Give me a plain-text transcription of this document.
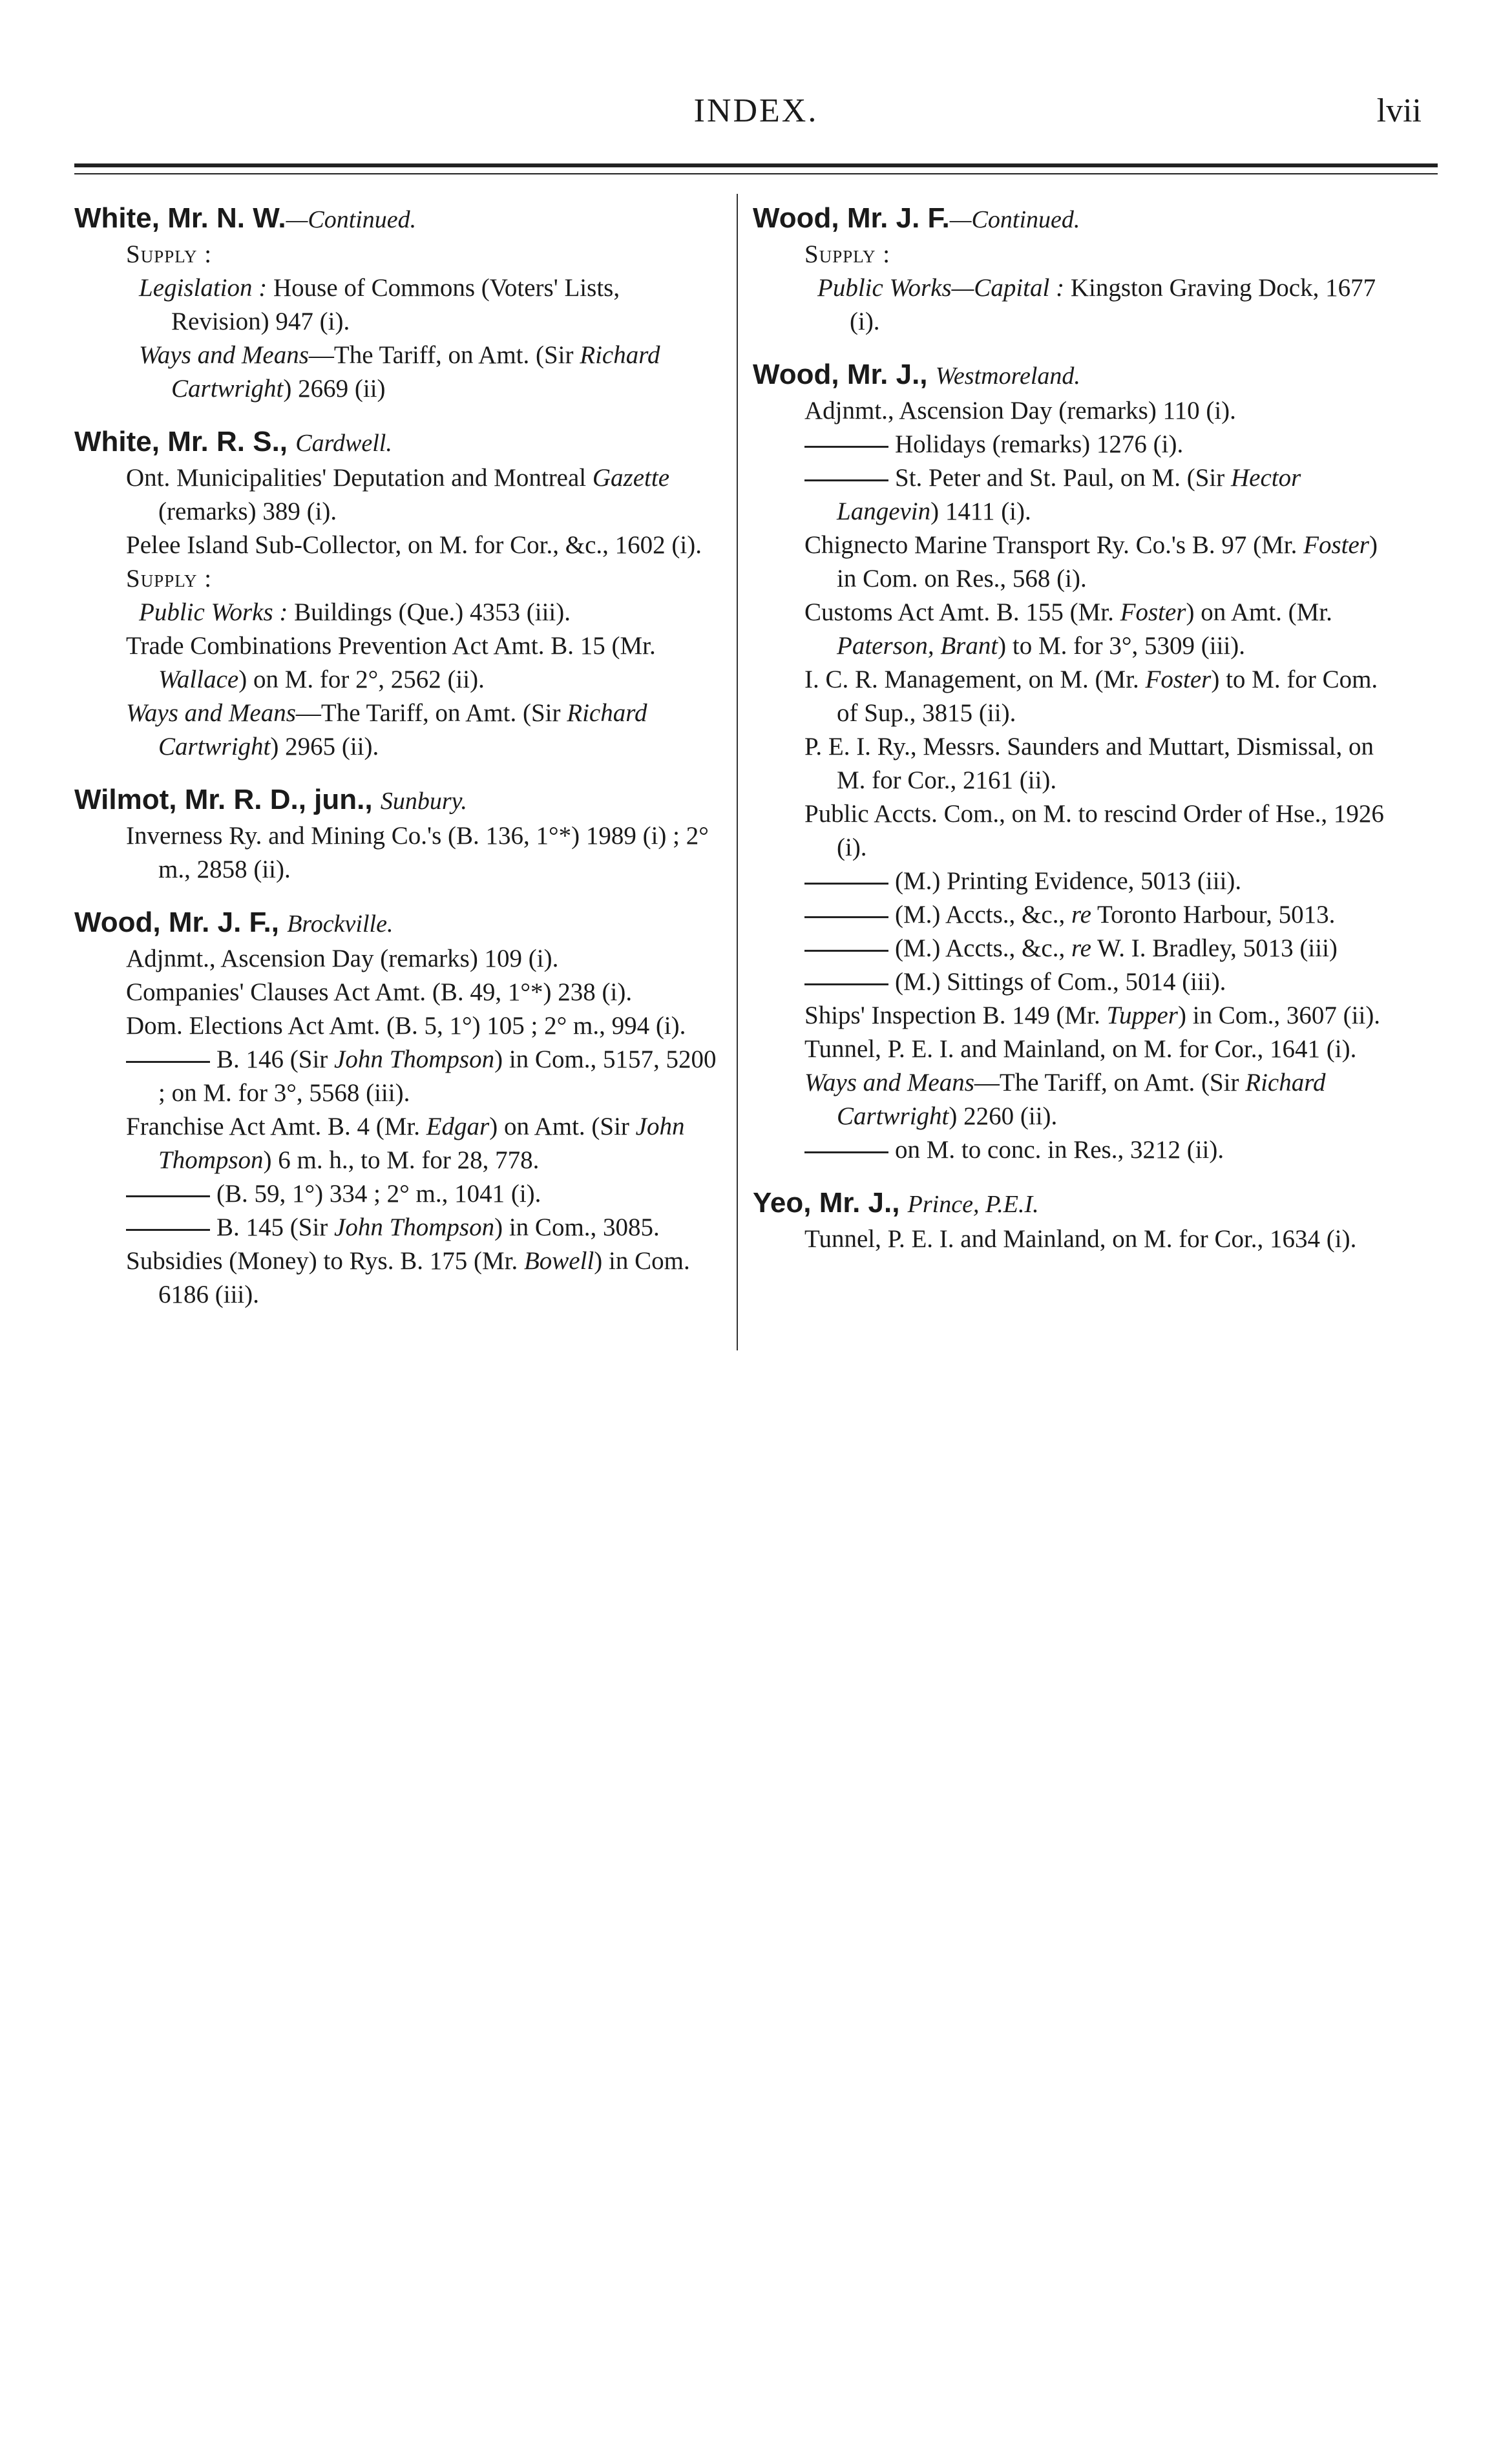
INDEX.	lvii
White, Mr. N. W.—Continued.
Supply :
Legislation : House of Commons (Voters' Lists, Revision) 947 (i).
Ways and Means—The Tariff, on Amt. (Sir Richard Cartwright) 2669 (ii)
White, Mr. R. S., Cardwell.
Ont. Municipalities' Deputation and Montreal Gazette (remarks) 389 (i).
Pelee Island Sub-Collector, on M. for Cor., &c., 1602 (i).
Supply :
Public Works : Buildings (Que.) 4353 (iii).
Trade Combinations Prevention Act Amt. B. 15 (Mr. Wallace) on M. for 2°, 2562 (ii).
Ways and Means—The Tariff, on Amt. (Sir Richard Cartwright) 2965 (ii).
Wilmot, Mr. R. D., jun., Sunbury.
Inverness Ry. and Mining Co.'s (B. 136, 1°*) 1989 (i) ; 2° m., 2858 (ii).
Wood, Mr. J. F., Brockville.
Adjnmt., Ascension Day (remarks) 109 (i).
Companies' Clauses Act Amt. (B. 49, 1°*) 238 (i).
Dom. Elections Act Amt. (B. 5, 1°) 105 ; 2° m., 994 (i).
B. 146 (Sir John Thompson) in Com., 5157, 5200 ; on M. for 3°, 5568 (iii).
Franchise Act Amt. B. 4 (Mr. Edgar) on Amt. (Sir John Thompson) 6 m. h., to M. for 28, 778.
(B. 59, 1°) 334 ; 2° m., 1041 (i).
B. 145 (Sir John Thompson) in Com., 3085.
Subsidies (Money) to Rys. B. 175 (Mr. Bowell) in Com. 6186 (iii).
Wood, Mr. J. F.—Continued.
Supply :
Public Works—Capital : Kingston Graving Dock, 1677 (i).
Wood, Mr. J., Westmoreland.
Adjnmt., Ascension Day (remarks) 110 (i).
Holidays (remarks) 1276 (i).
St. Peter and St. Paul, on M. (Sir Hector Langevin) 1411 (i).
Chignecto Marine Transport Ry. Co.'s B. 97 (Mr. Foster) in Com. on Res., 568 (i).
Customs Act Amt. B. 155 (Mr. Foster) on Amt. (Mr. Paterson, Brant) to M. for 3°, 5309 (iii).
I. C. R. Management, on M. (Mr. Foster) to M. for Com. of Sup., 3815 (ii).
P. E. I. Ry., Messrs. Saunders and Muttart, Dismissal, on M. for Cor., 2161 (ii).
Public Accts. Com., on M. to rescind Order of Hse., 1926 (i).
(M.) Printing Evidence, 5013 (iii).
(M.) Accts., &c., re Toronto Harbour, 5013.
(M.) Accts., &c., re W. I. Bradley, 5013 (iii)
(M.) Sittings of Com., 5014 (iii).
Ships' Inspection B. 149 (Mr. Tupper) in Com., 3607 (ii).
Tunnel, P. E. I. and Mainland, on M. for Cor., 1641 (i).
Ways and Means—The Tariff, on Amt. (Sir Richard Cartwright) 2260 (ii).
on M. to conc. in Res., 3212 (ii).
Yeo, Mr. J., Prince, P.E.I.
Tunnel, P. E. I. and Mainland, on M. for Cor., 1634 (i).
